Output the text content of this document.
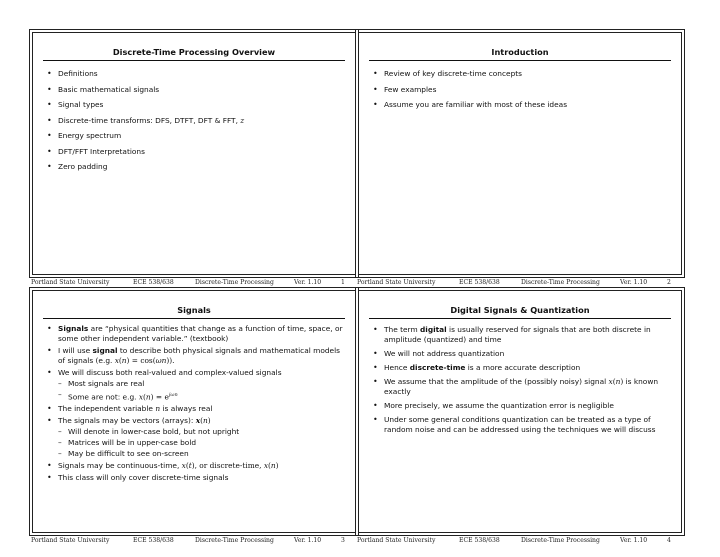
Discrete-Time Processing Overview
• Definitions
• Basic mathematical signals
• Signal types
• Discrete-time transforms: DFS, DTFT, DFT & FFT, z
• Energy spectrum
• DFT/FFT Interpretations
• Zero padding
Portland State University	ECE 538/638	Discrete-Time Processing	Ver. 1.10	1
Introduction
• Review of key discrete-time concepts
• Few examples
• Assume you are familiar with most of these ideas
Portland State University	ECE 538/638	Discrete-Time Processing	Ver. 1.10	2
Signals
• Signals are “physical quantities that change as a function of time, space, or some other independent variable.” (textbook)
• I will use signal to describe both physical signals and mathematical models of signals (e.g. x(n) = cos(ωn)).
• We will discuss both real-valued and complex-valued signals
– Most signals are real
– Some are not: e.g. $x(n) = e^{j\omega n}$
• The independent variable n is always real
• The signals may be vectors (arrays): x(n)
– Will denote in lower-case bold, but not upright
– Matrices will be in upper-case bold
– May be difficult to see on-screen
• Signals may be continuous-time, x(t), or discrete-time, x(n)
• This class will only cover discrete-time signals
Portland State University	ECE 538/638	Discrete-Time Processing	Ver. 1.10	3
Digital Signals & Quantization
• The term digital is usually reserved for signals that are both discrete in amplitude (quantized) and time
• We will not address quantization
• Hence discrete-time is a more accurate description
• We assume that the amplitude of the (possibly noisy) signal x(n) is known exactly
• More precisely, we assume the quantization error is negligible
• Under some general conditions quantization can be treated as a type of random noise and can be addressed using the techniques we will discuss
Portland State University	ECE 538/638	Discrete-Time Processing	Ver. 1.10	4
